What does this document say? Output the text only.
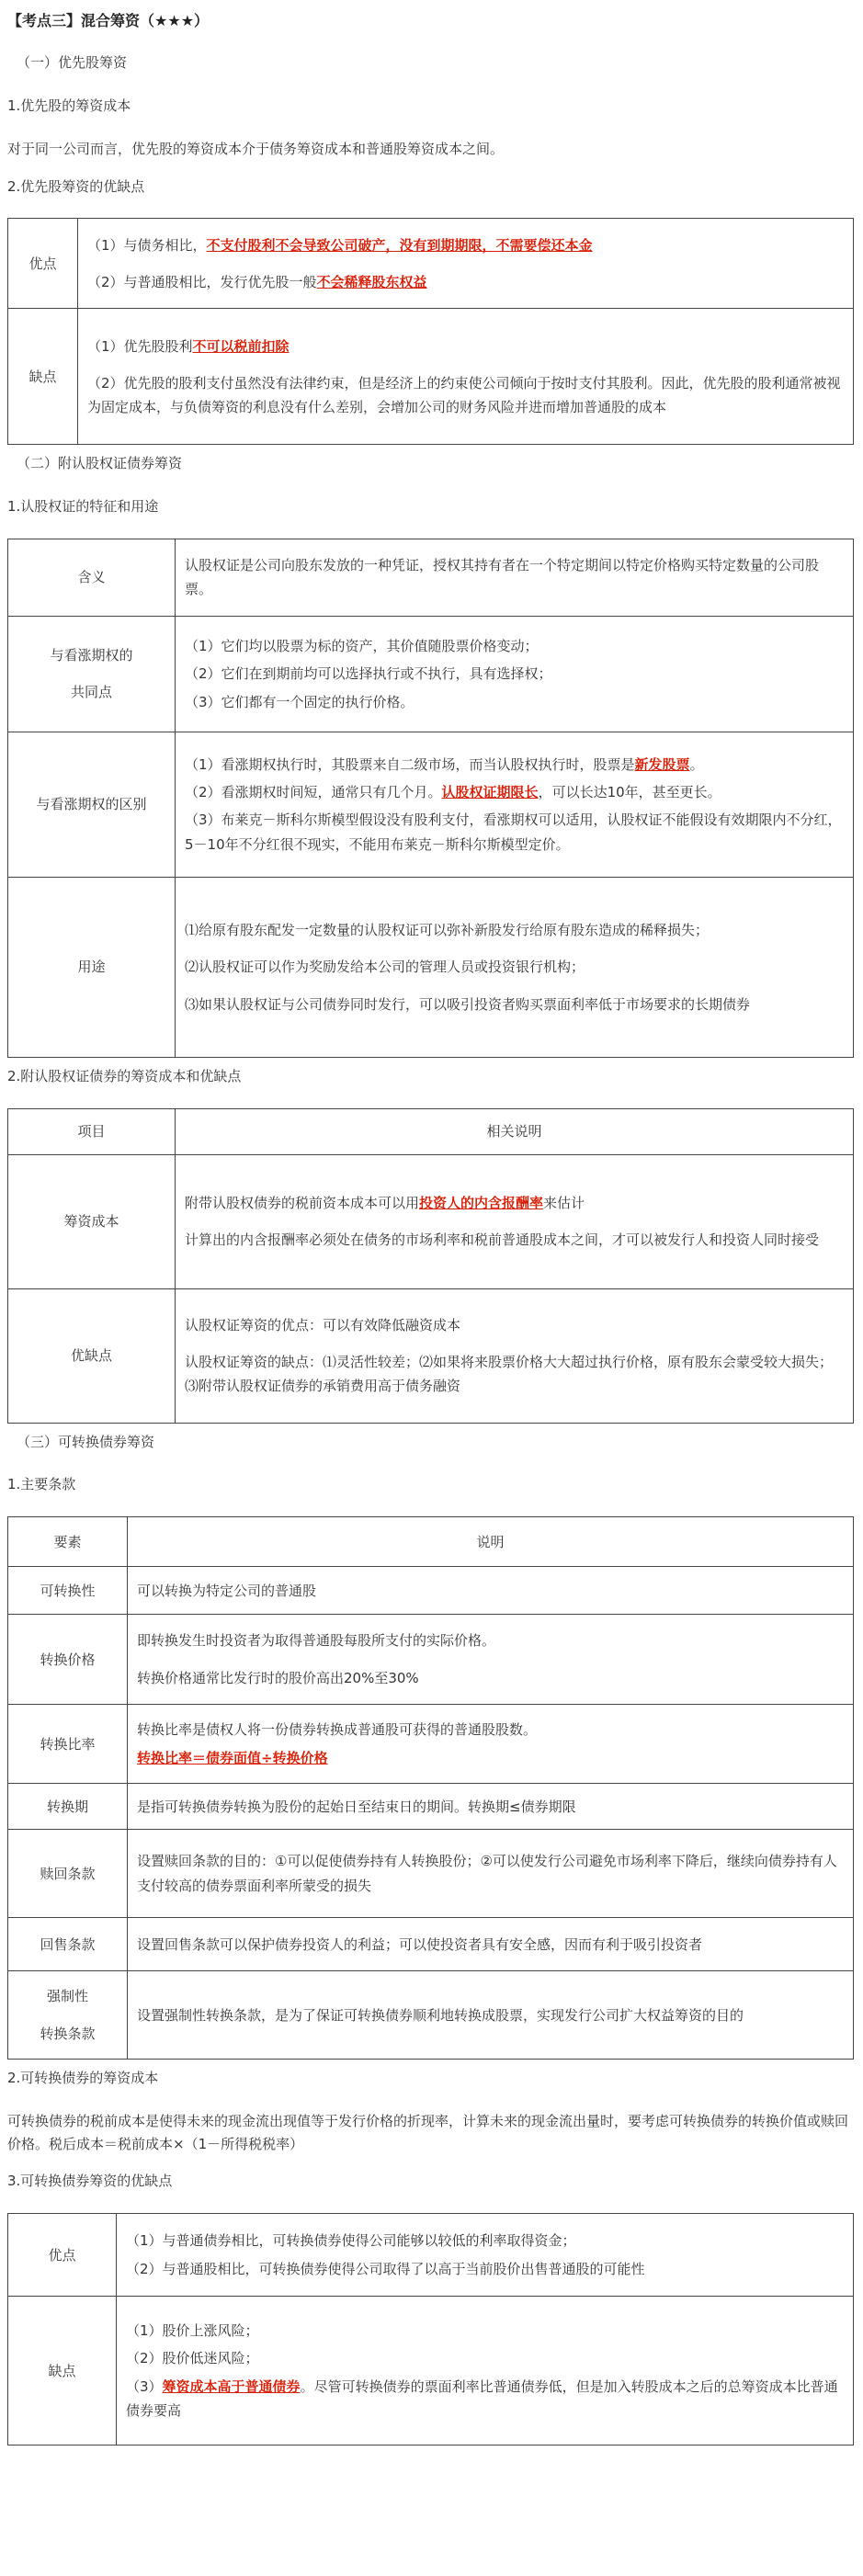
【考点三】混合筹资（★★★）
（一）优先股筹资
1.优先股的筹资成本
对于同一公司而言，优先股的筹资成本介于债务筹资成本和普通股筹资成本之间。
2.优先股筹资的优缺点
优点	（1）与债务相比，不支付股利不会导致公司破产，没有到期期限，不需要偿还本金
（2）与普通股相比，发行优先股一般不会稀释股东权益

缺点	（1）优先股股利不可以税前扣除
（2）优先股的股利支付虽然没有法律约束，但是经济上的约束使公司倾向于按时支付其股利。因此，优先股的股利通常被视为固定成本，与负债筹资的利息没有什么差别，会增加公司的财务风险并进而增加普通股的成本
（二）附认股权证债券筹资
1.认股权证的特征和用途
含义	认股权证是公司向股东发放的一种凭证，授权其持有者在一个特定期间以特定价格购买特定数量的公司股票。

与看涨期权的
共同点	（1）它们均以股票为标的资产，其价值随股票价格变动；
（2）它们在到期前均可以选择执行或不执行，具有选择权；
（3）它们都有一个固定的执行价格。

与看涨期权的区别	（1）看涨期权执行时，其股票来自二级市场，而当认股权执行时，股票是新发股票。
（2）看涨期权时间短，通常只有几个月。认股权证期限长，可以长达10年，甚至更长。
（3）布莱克－斯科尔斯模型假设没有股利支付，看涨期权可以适用，认股权证不能假设有效期限内不分红，5－10年不分红很不现实，不能用布莱克－斯科尔斯模型定价。

用途	⑴给原有股东配发一定数量的认股权证可以弥补新股发行给原有股东造成的稀释损失；
⑵认股权证可以作为奖励发给本公司的管理人员或投资银行机构；
⑶如果认股权证与公司债券同时发行，可以吸引投资者购买票面利率低于市场要求的长期债券
2.附认股权证债券的筹资成本和优缺点
项目	相关说明
筹资成本	附带认股权债券的税前资本成本可以用投资人的内含报酬率来估计
计算出的内含报酬率必须处在债务的市场利率和税前普通股成本之间，才可以被发行人和投资人同时接受

优缺点	认股权证筹资的优点：可以有效降低融资成本
认股权证筹资的缺点：⑴灵活性较差；⑵如果将来股票价格大大超过执行价格，原有股东会蒙受较大损失；⑶附带认股权证债券的承销费用高于债务融资
（三）可转换债券筹资
1.主要条款
要素	说明
可转换性	可以转换为特定公司的普通股
转换价格	即转换发生时投资者为取得普通股每股所支付的实际价格。
转换价格通常比发行时的股价高出20%至30%

转换比率	转换比率是债权人将一份债券转换成普通股可获得的普通股股数。
转换比率＝债券面值÷转换价格

转换期	是指可转换债券转换为股份的起始日至结束日的期间。转换期≤债券期限
赎回条款	设置赎回条款的目的：①可以促使债券持有人转换股份；②可以使发行公司避免市场利率下降后，继续向债券持有人支付较高的债券票面利率所蒙受的损失
回售条款	设置回售条款可以保护债券投资人的利益；可以使投资者具有安全感，因而有利于吸引投资者

强制性
转换条款	设置强制性转换条款，是为了保证可转换债券顺利地转换成股票，实现发行公司扩大权益筹资的目的
2.可转换债券的筹资成本
可转换债券的税前成本是使得未来的现金流出现值等于发行价格的折现率，计算未来的现金流出量时，要考虑可转换债券的转换价值或赎回价格。税后成本＝税前成本×（1－所得税税率）
3.可转换债券筹资的优缺点
优点	（1）与普通债券相比，可转换债券使得公司能够以较低的利率取得资金；
（2）与普通股相比，可转换债券使得公司取得了以高于当前股价出售普通股的可能性

缺点	（1）股价上涨风险；
（2）股价低迷风险；
（3）筹资成本高于普通债券。尽管可转换债券的票面利率比普通债券低，但是加入转股成本之后的总筹资成本比普通债券要高
